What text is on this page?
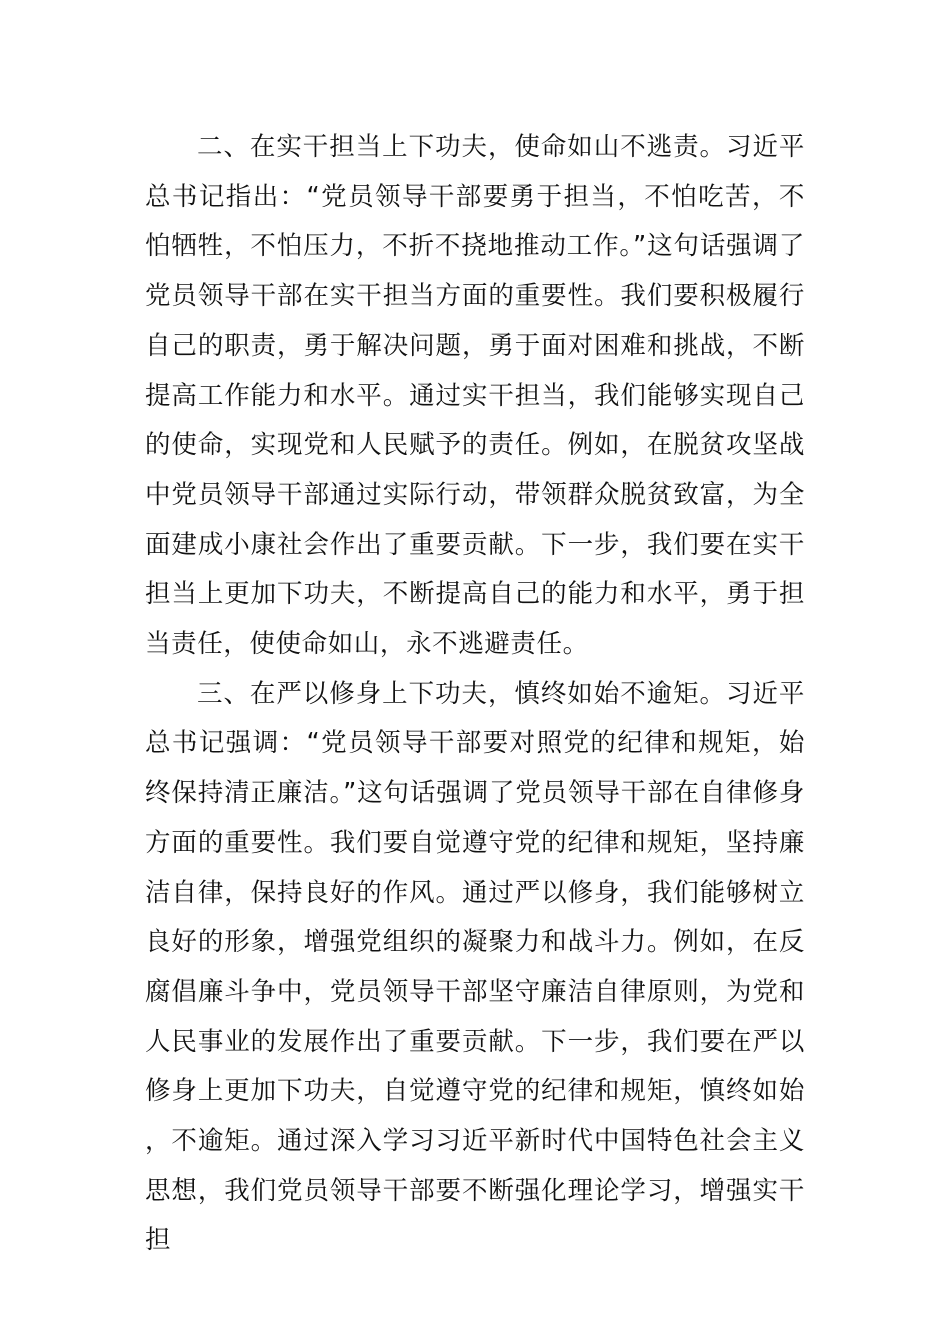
二、在实干担当上下功夫，使命如山不逃责。习近平总书记指出：“党员领导干部要勇于担当，不怕吃苦，不怕牺牲，不怕压力，不折不挠地推动工作。”这句话强调了党员领导干部在实干担当方面的重要性。我们要积极履行自己的职责，勇于解决问题，勇于面对困难和挑战，不断提高工作能力和水平。通过实干担当，我们能够实现自己的使命，实现党和人民赋予的责任。例如，在脱贫攻坚战中党员领导干部通过实际行动，带领群众脱贫致富，为全面建成小康社会作出了重要贡献。下一步，我们要在实干担当上更加下功夫，不断提高自己的能力和水平，勇于担当责任，使使命如山，永不逃避责任。

三、在严以修身上下功夫，慎终如始不逾矩。习近平总书记强调：“党员领导干部要对照党的纪律和规矩，始终保持清正廉洁。”这句话强调了党员领导干部在自律修身方面的重要性。我们要自觉遵守党的纪律和规矩，坚持廉洁自律，保持良好的作风。通过严以修身，我们能够树立良好的形象，增强党组织的凝聚力和战斗力。例如，在反腐倡廉斗争中，党员领导干部坚守廉洁自律原则，为党和人民事业的发展作出了重要贡献。下一步，我们要在严以修身上更加下功夫，自觉遵守党的纪律和规矩，慎终如始，不逾矩。通过深入学习习近平新时代中国特色社会主义思想，我们党员领导干部要不断强化理论学习，增强实干担
